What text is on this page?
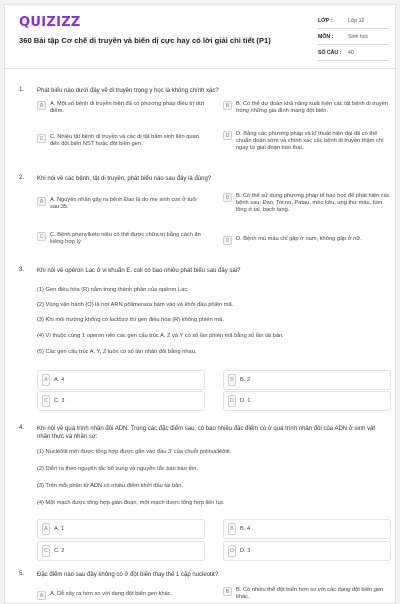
QUIZIZZ
360 Bài tập Cơ chế di truyền và biến dị cực hay có lời giải chi tiết (P1)
LỚP :	Lớp 12
MÔN :	Sinh học
SỐ CÂU :	40
1. Phát biểu nào dưới đây về di truyền trong y học là không chính xác?
A	A. Một số bệnh di truyền hiện đã có phương pháp điều trị dứt điểm.
B	B. Có thể dự đoán khả năng xuất hiện các tật bệnh di truyền trong những gia đình mang đột biến.
C	C. Nhiều tật bệnh di truyền và các dị tật bẩm sinh liên quan đến đột biến NST hoặc đột biến gen.
D	D. Bằng các phương pháp và kĩ thuật hiện đại đã có thể chuẩn đoán sớm và chính xác các bệnh di truyền thậm chí ngay từ giai đoạn bào thai.
2. Khi nói về các bệnh, tật di truyền, phát biểu nào sau đây là đúng?
A	A. Nguyên nhân gây ra bệnh Đao là do mẹ sinh con ở tuổi sau 35.
B	B. Có thể sử dụng phương pháp tế bào học để phát hiện các bệnh sau: Đao, Tocno, Patau, mèo kêu, ung thư máu, túm lông ở tai, bạch tạng.
C	C. Bệnh phenylketo niệu có thể được chữa trị bằng cách ăn kiêng hợp lý	D	D. Bệnh mù màu chỉ gặp ở nam, không gặp ở nữ.
3. Khi nói về opêron Lac ở vi khuẩn E. coli có bao nhiêu phát biểu sau đây sai?
(1) Gen điều hòa (R) nằm trong thành phần của opêron Lac.
(2) Vùng vận hành (O) là nơi ARN pôlimeraza bám vào và khởi đầu phiên mã.
(3) Khi môi trường không có lactôzơ thì gen điều hòa (R) không phiên mã.
(4) Vì thuộc cùng 1 operon nên các gen cấu trúc A, Z và Y có số lần phiên mã bằng số lần tái bản.
(5) Các gen cấu trúc A, Y, Z luôn có số lần nhân đôi bằng nhau.
A	A. 4	B	B. 2
C	C. 3	D	D. 1
4. Khi nói về quá trình nhân đôi ADN. Trong các đặc điểm sau, có bao nhiêu đặc điểm có ở quá trình nhân đôi của ADN ở sinh vật nhân thực và nhân sơ:
(1) Nuclêôtit mới được tổng hợp được gắn vào đầu 3' của chuỗi polinuclêôtit.
(2) Diễn ra theo nguyên tắc bổ sung và nguyên tắc bán bảo tồn.
(3) Trên mỗi phân tử ADN có nhiều điểm khởi đầu tái bản.
(4) Một mạch được tổng hợp gián đoạn, một mạch được tổng hợp liên tục
A	A. 1	B	B. 4
C	C. 2	D	D. 3
5. Đặc điểm nào sau đây không có ở đột biến thay thế 1 cặp nucleotit?
A	A. Dễ xảy ra hơn so với dạng đột biến gen khác.	B	B. Có nhiều thể đột biến hơn so với các dạng đột biến gen khác.
